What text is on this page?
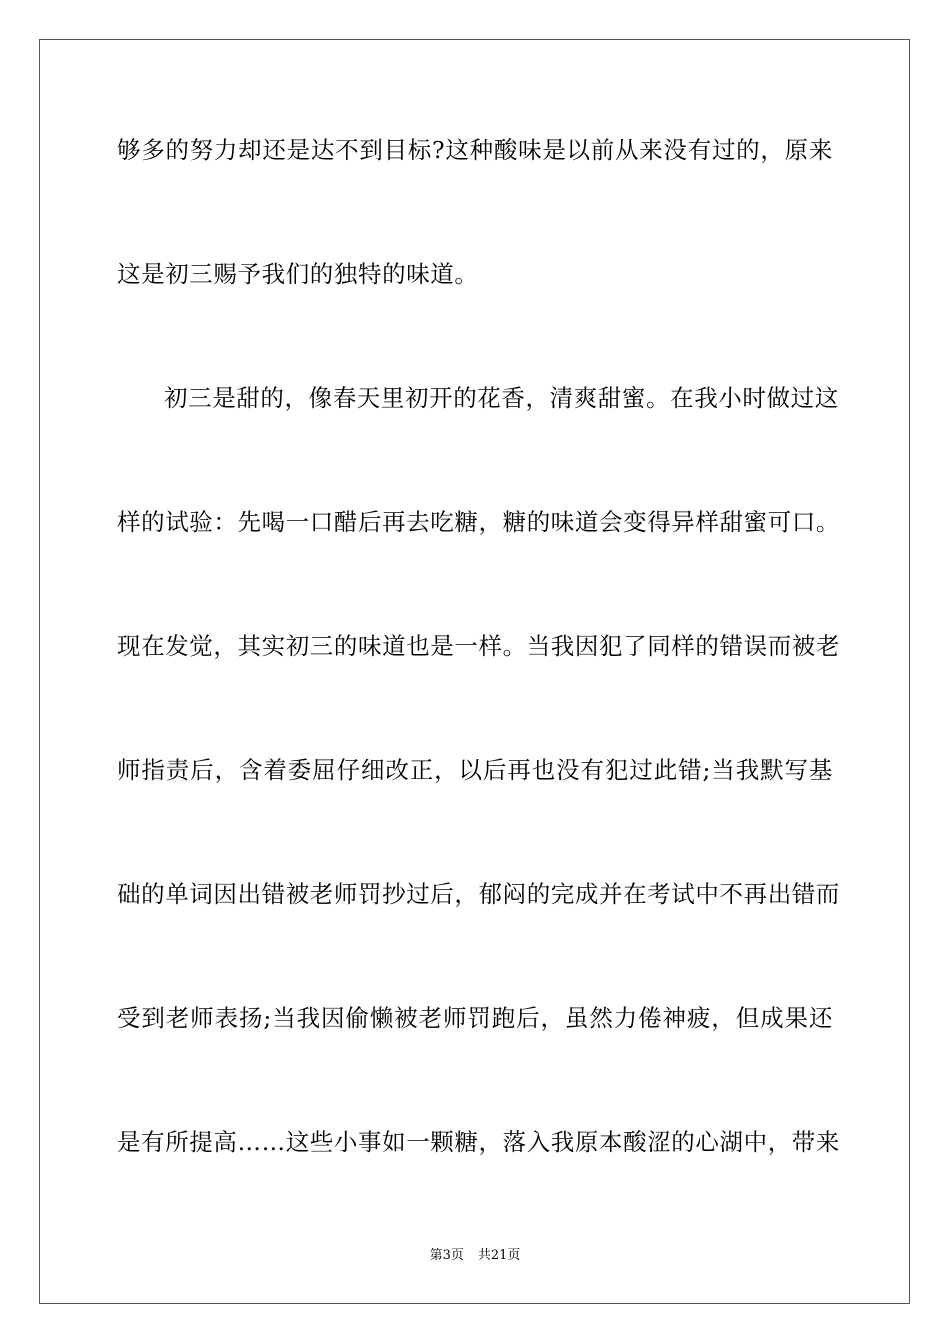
够多的努力却还是达不到目标?这种酸味是以前从来没有过的，原来
这是初三赐予我们的独特的味道。
初三是甜的，像春天里初开的花香，清爽甜蜜。在我小时做过这
样的试验：先喝一口醋后再去吃糖，糖的味道会变得异样甜蜜可口。
现在发觉，其实初三的味道也是一样。当我因犯了同样的错误而被老
师指责后，含着委屈仔细改正，以后再也没有犯过此错;当我默写基
础的单词因出错被老师罚抄过后，郁闷的完成并在考试中不再出错而
受到老师表扬;当我因偷懒被老师罚跑后，虽然力倦神疲，但成果还
是有所提高……这些小事如一颗糖，落入我原本酸涩的心湖中，带来
第3页 共21页
